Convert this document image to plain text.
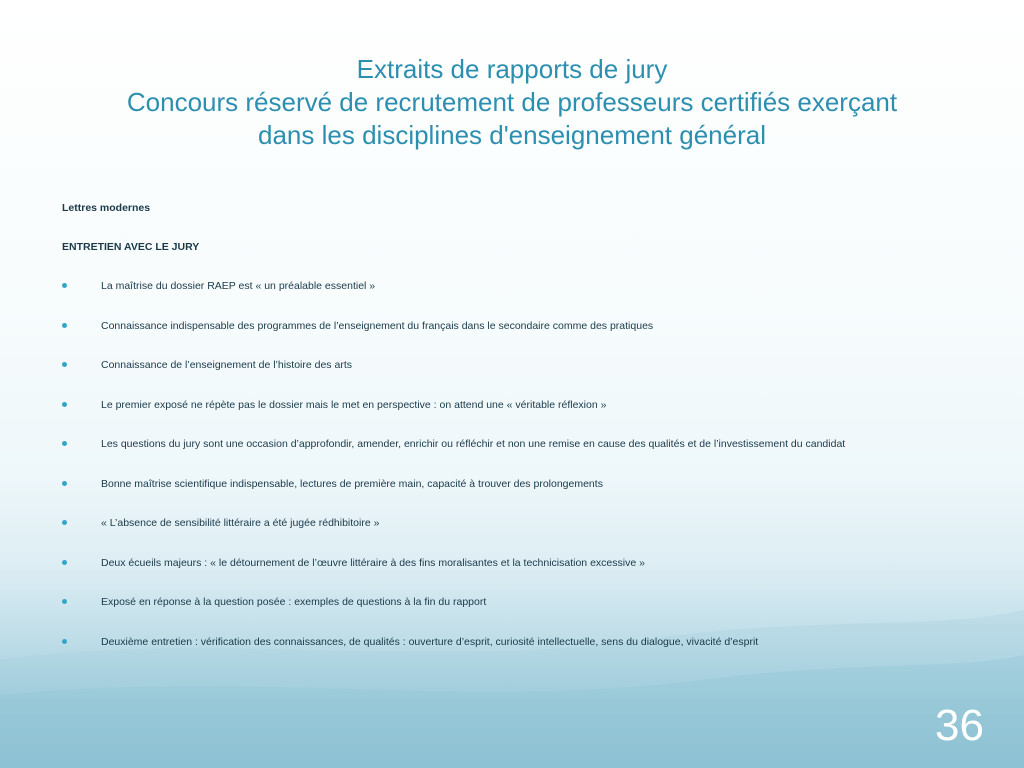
Extraits de rapports de jury
Concours réservé de recrutement de professeurs certifiés exerçant
dans les disciplines d'enseignement général
Lettres modernes
ENTRETIEN AVEC LE JURY
La maîtrise du dossier RAEP est « un préalable essentiel »
Connaissance indispensable des programmes de l’enseignement du français dans le secondaire comme des pratiques
Connaissance de l’enseignement de l’histoire des arts
Le premier exposé ne répète pas le dossier mais le met en perspective : on attend une « véritable réflexion »
Les questions du jury sont une occasion d’approfondir, amender, enrichir ou réfléchir et non une remise en cause des qualités et de l’investissement du candidat
Bonne maîtrise scientifique indispensable, lectures de première main, capacité à trouver des prolongements
« L’absence de sensibilité littéraire a été jugée rédhibitoire »
Deux écueils majeurs : « le détournement de l’œuvre littéraire à des fins moralisantes et la technicisation excessive »
Exposé en réponse à la question posée : exemples de questions à la fin du rapport
Deuxième entretien : vérification des connaissances, de qualités : ouverture d’esprit, curiosité intellectuelle, sens du dialogue, vivacité d’esprit
36
